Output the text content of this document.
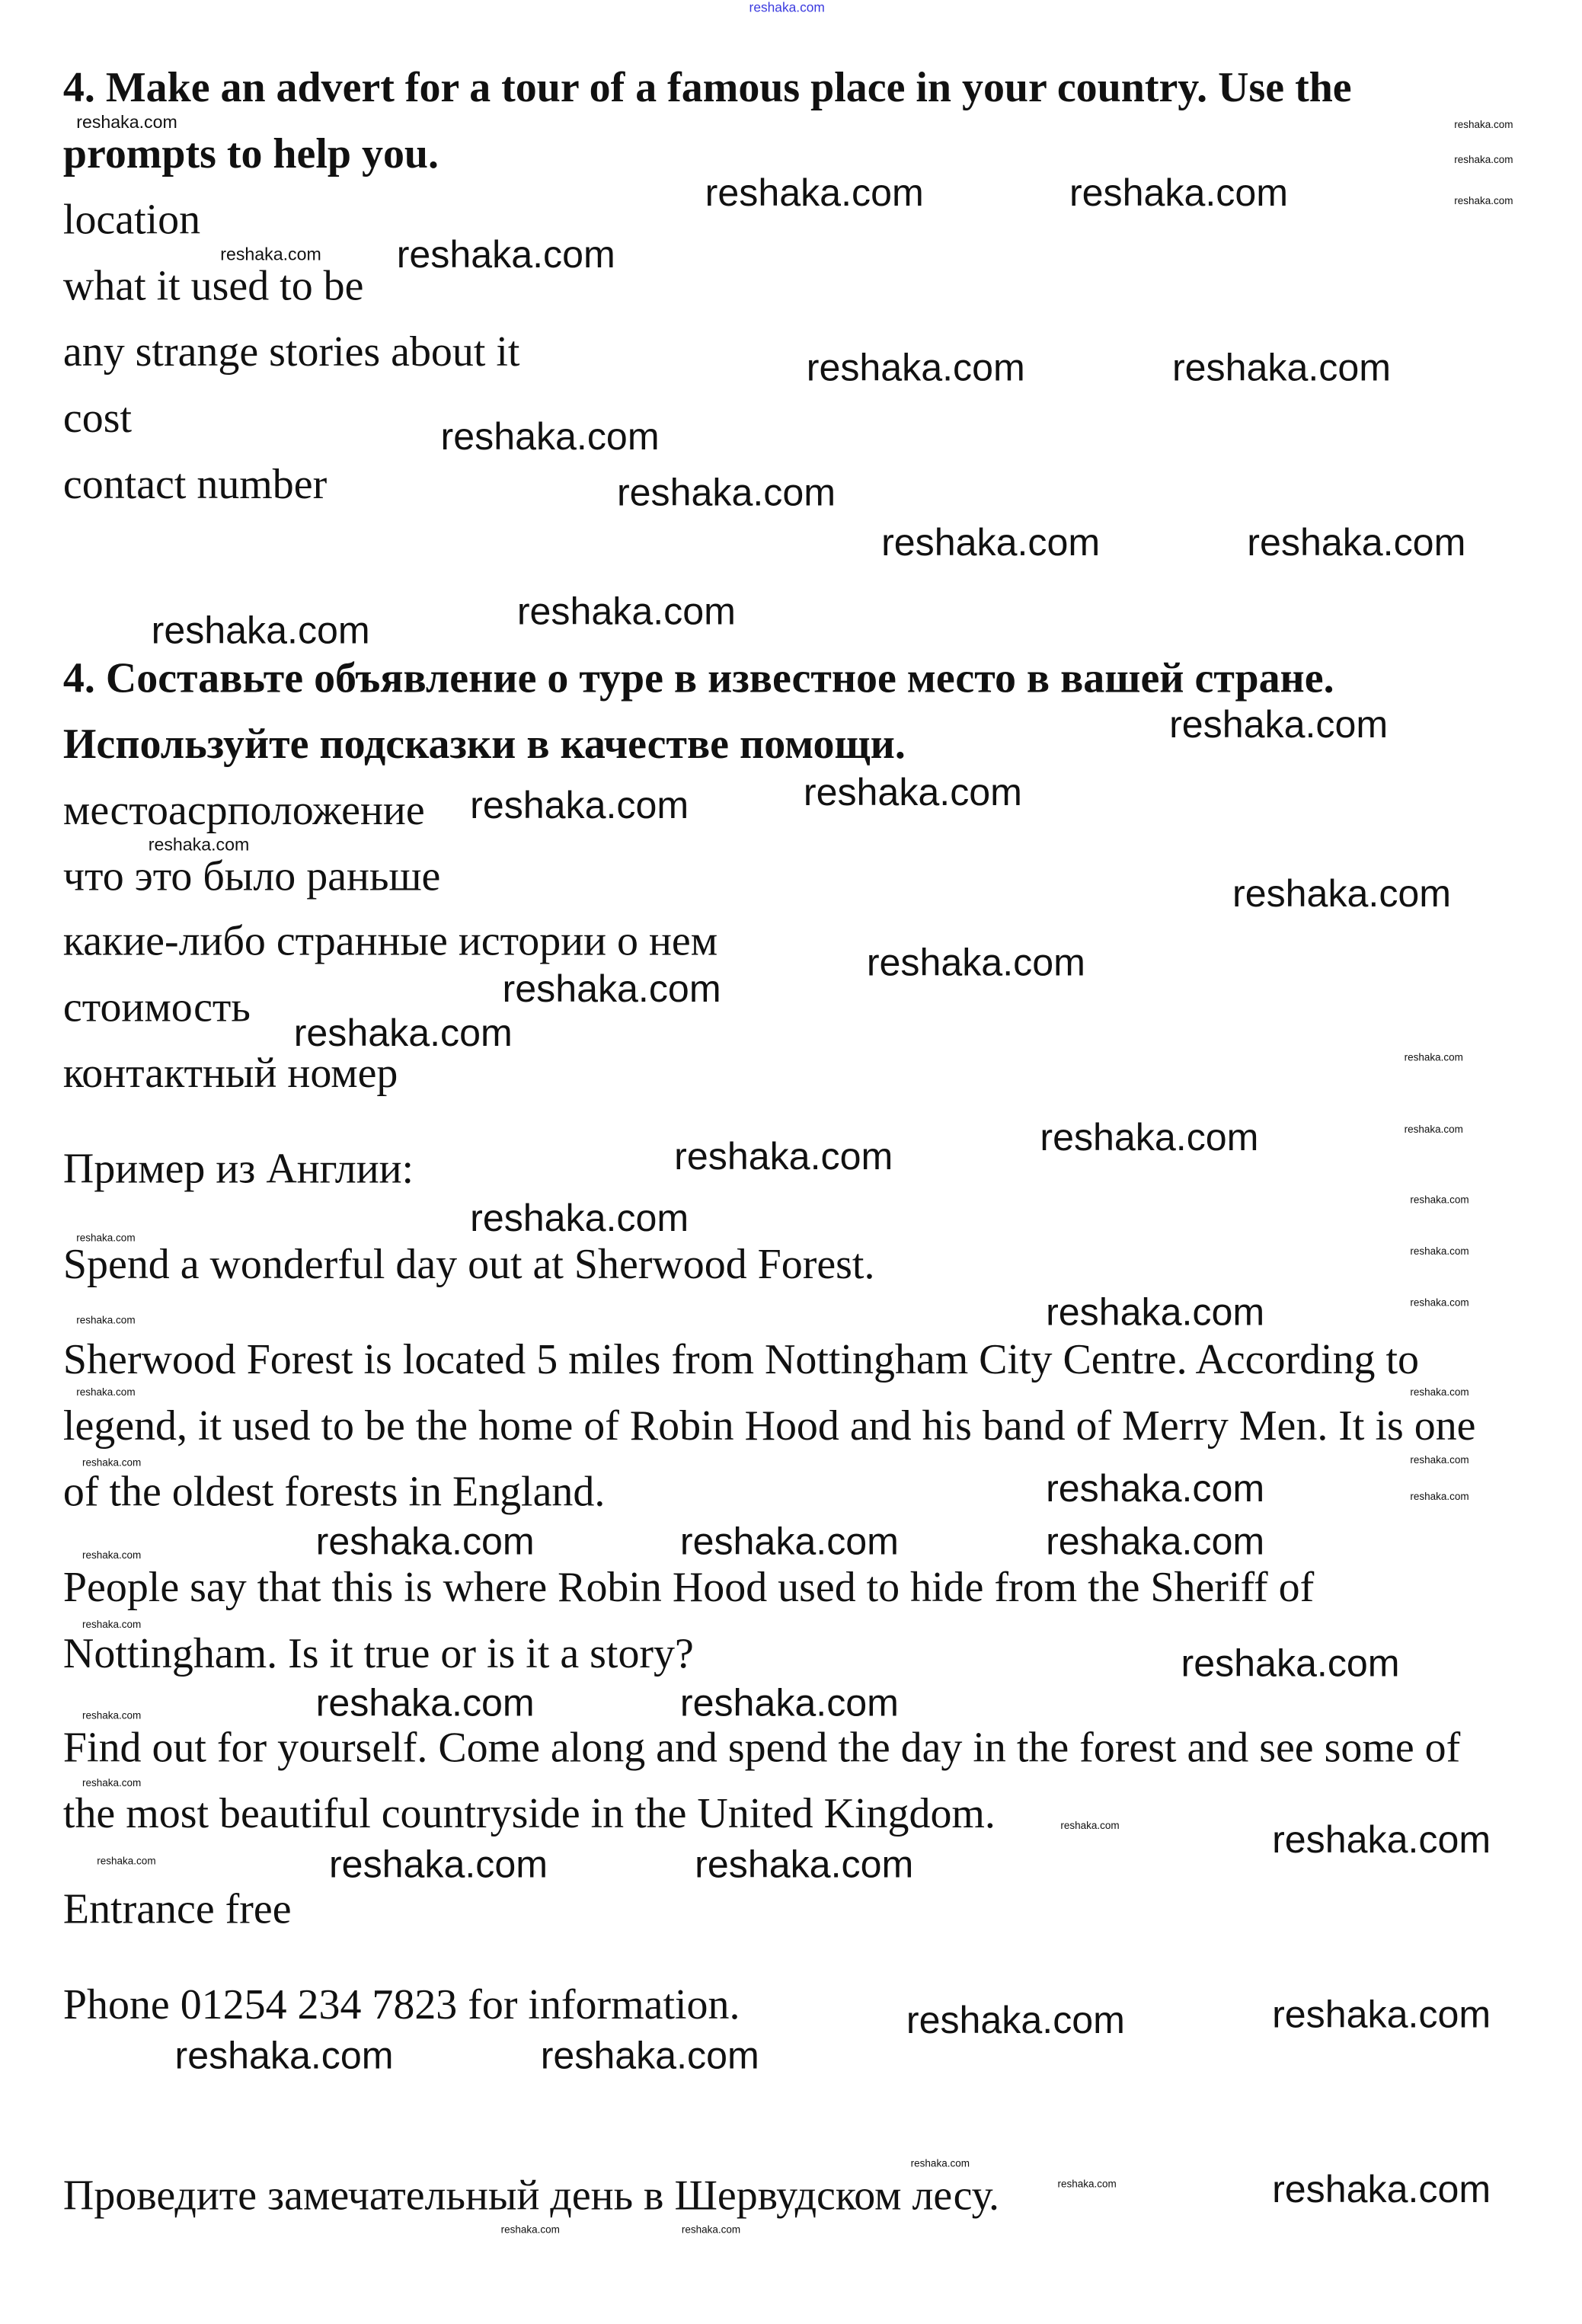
4. Make an advert for a tour of a famous place in your country. Use the
prompts to help you.
location
what it used to be
any strange stories about it
cost
contact number
4. Составьте объявление о туре в известное место в вашей стране.
Используйте подсказки в качестве помощи.
местоасрположение
что это было раньше
какие-либо странные истории о нем
стоимость
контактный номер
Пример из Англии:
Spend a wonderful day out at Sherwood Forest.
Sherwood Forest is located 5 miles from Nottingham City Centre. According to
legend, it used to be the home of Robin Hood and his band of Merry Men. It is one
of the oldest forests in England.
People say that this is where Robin Hood used to hide from the Sheriff of
Nottingham. Is it true or is it a story?
Find out for yourself. Come along and spend the day in the forest and see some of
the most beautiful countryside in the United Kingdom.
Entrance free
Phone 01254 234 7823 for information.
Проведите замечательный день в Шервудском лесу.
reshaka.com
reshaka.com	reshaka.com
reshaka.com
reshaka.com	reshaka.com
reshaka.com
reshaka.com
reshaka.com	reshaka.com
reshaka.com	reshaka.com
reshaka.com
reshaka.com	reshaka.com
reshaka.com
reshaka.com
reshaka.com
reshaka.com
reshaka.com	reshaka.com
reshaka.com
reshaka.com
reshaka.com
reshaka.com
reshaka.com
reshaka.com
reshaka.com
reshaka.com
reshaka.com
reshaka.com
reshaka.com
reshaka.com
reshaka.com	reshaka.com
reshaka.com	reshaka.com
reshaka.com
reshaka.com
reshaka.com
reshaka.com
reshaka.com
reshaka.com
reshaka.com
reshaka.com
reshaka.com
reshaka.com
reshaka.com
reshaka.com
reshaka.com
reshaka.com
reshaka.com
reshaka.com
reshaka.com
reshaka.com
reshaka.com
reshaka.com
reshaka.com
reshaka.com
reshaka.com
reshaka.com
reshaka.com	reshaka.com
reshaka.com
reshaka.com
reshaka.com
